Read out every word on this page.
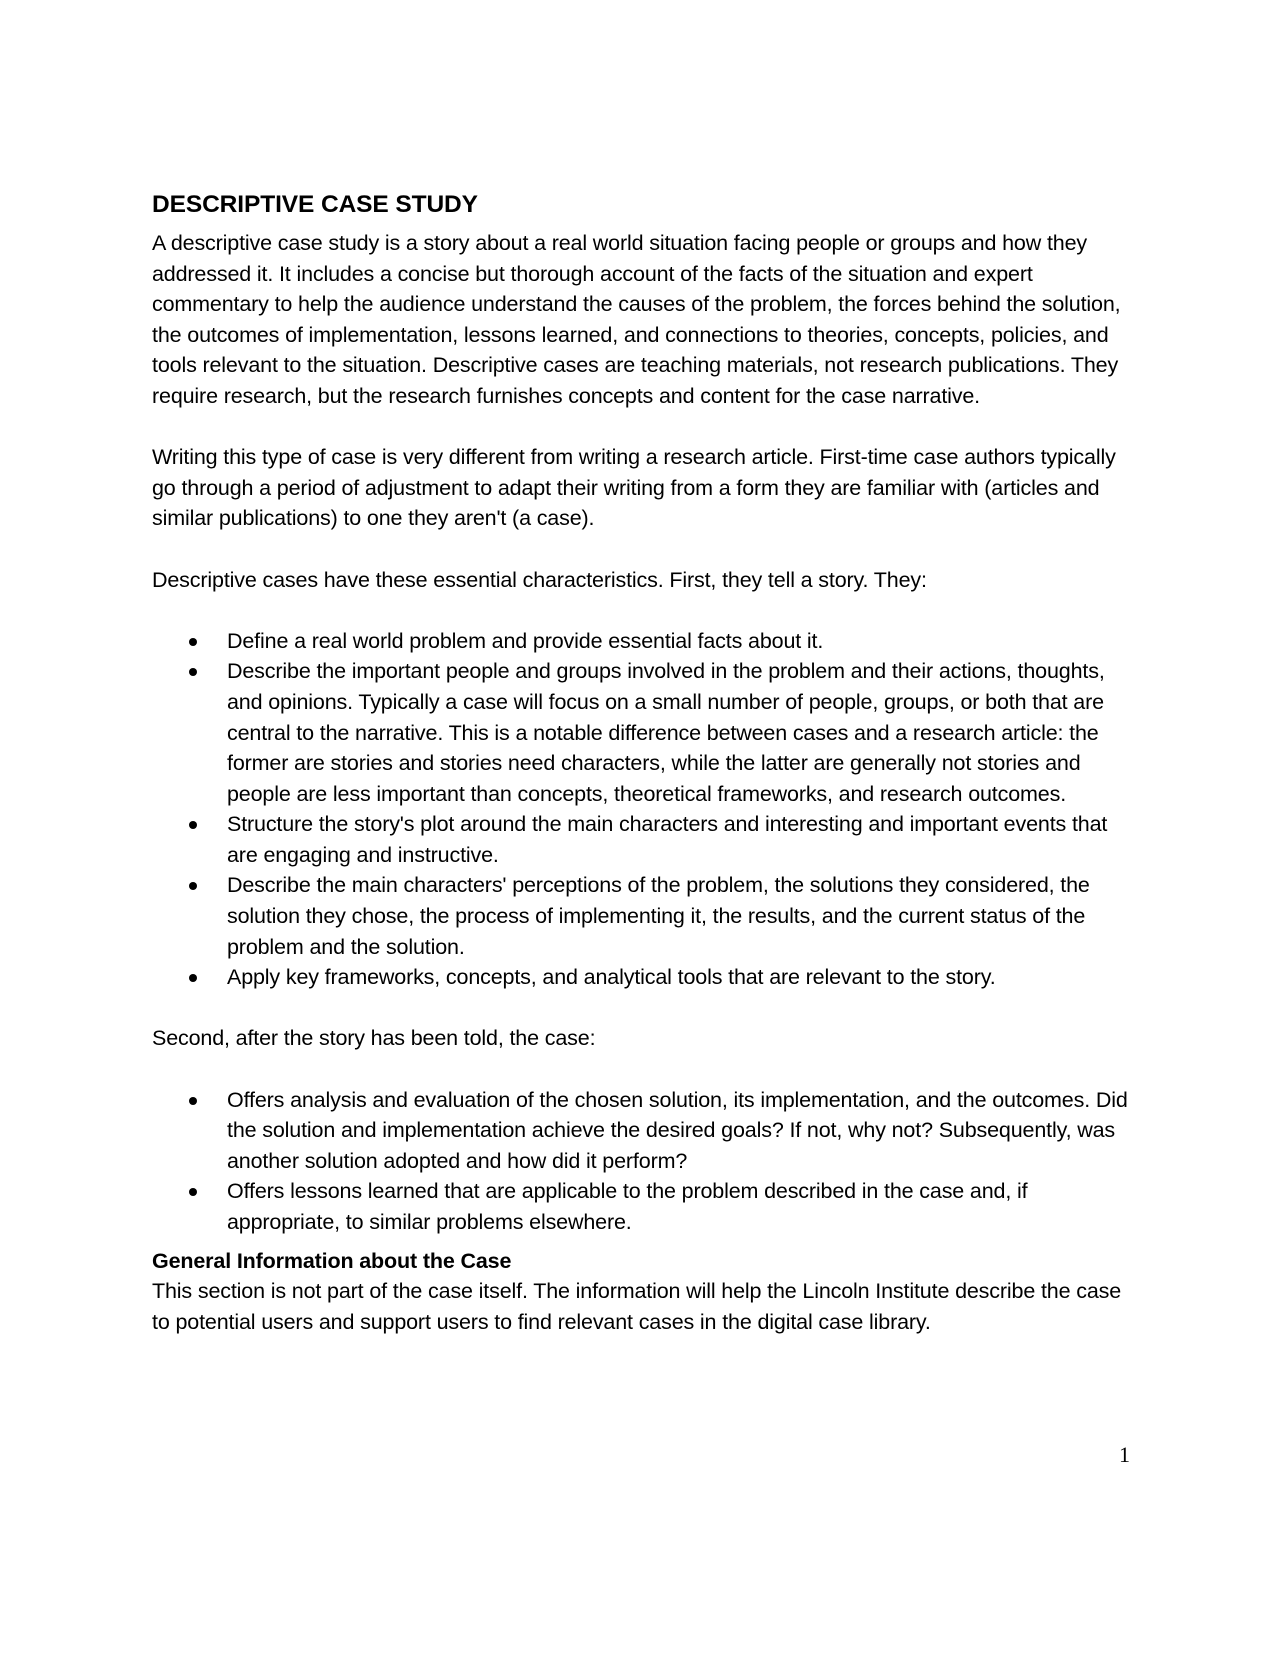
DESCRIPTIVE CASE STUDY

A descriptive case study is a story about a real world situation facing people or groups and how they addressed it. It includes a concise but thorough account of the facts of the situation and expert commentary to help the audience understand the causes of the problem, the forces behind the solution, the outcomes of implementation, lessons learned, and connections to theories, concepts, policies, and tools relevant to the situation. Descriptive cases are teaching materials, not research publications. They require research, but the research furnishes concepts and content for the case narrative.

Writing this type of case is very different from writing a research article. First-time case authors typically go through a period of adjustment to adapt their writing from a form they are familiar with (articles and similar publications) to one they aren't (a case).

Descriptive cases have these essential characteristics. First, they tell a story. They:

Define a real world problem and provide essential facts about it.
Describe the important people and groups involved in the problem and their actions, thoughts, and opinions. Typically a case will focus on a small number of people, groups, or both that are central to the narrative. This is a notable difference between cases and a research article: the former are stories and stories need characters, while the latter are generally not stories and people are less important than concepts, theoretical frameworks, and research outcomes.
Structure the story's plot around the main characters and interesting and important events that are engaging and instructive.
Describe the main characters' perceptions of the problem, the solutions they considered, the solution they chose, the process of implementing it, the results, and the current status of the problem and the solution.
Apply key frameworks, concepts, and analytical tools that are relevant to the story.

Second, after the story has been told, the case:

Offers analysis and evaluation of the chosen solution, its implementation, and the outcomes. Did the solution and implementation achieve the desired goals? If not, why not? Subsequently, was another solution adopted and how did it perform?
Offers lessons learned that are applicable to the problem described in the case and, if appropriate, to similar problems elsewhere.
General Information about the Case

This section is not part of the case itself. The information will help the Lincoln Institute describe the case to potential users and support users to find relevant cases in the digital case library.

1
